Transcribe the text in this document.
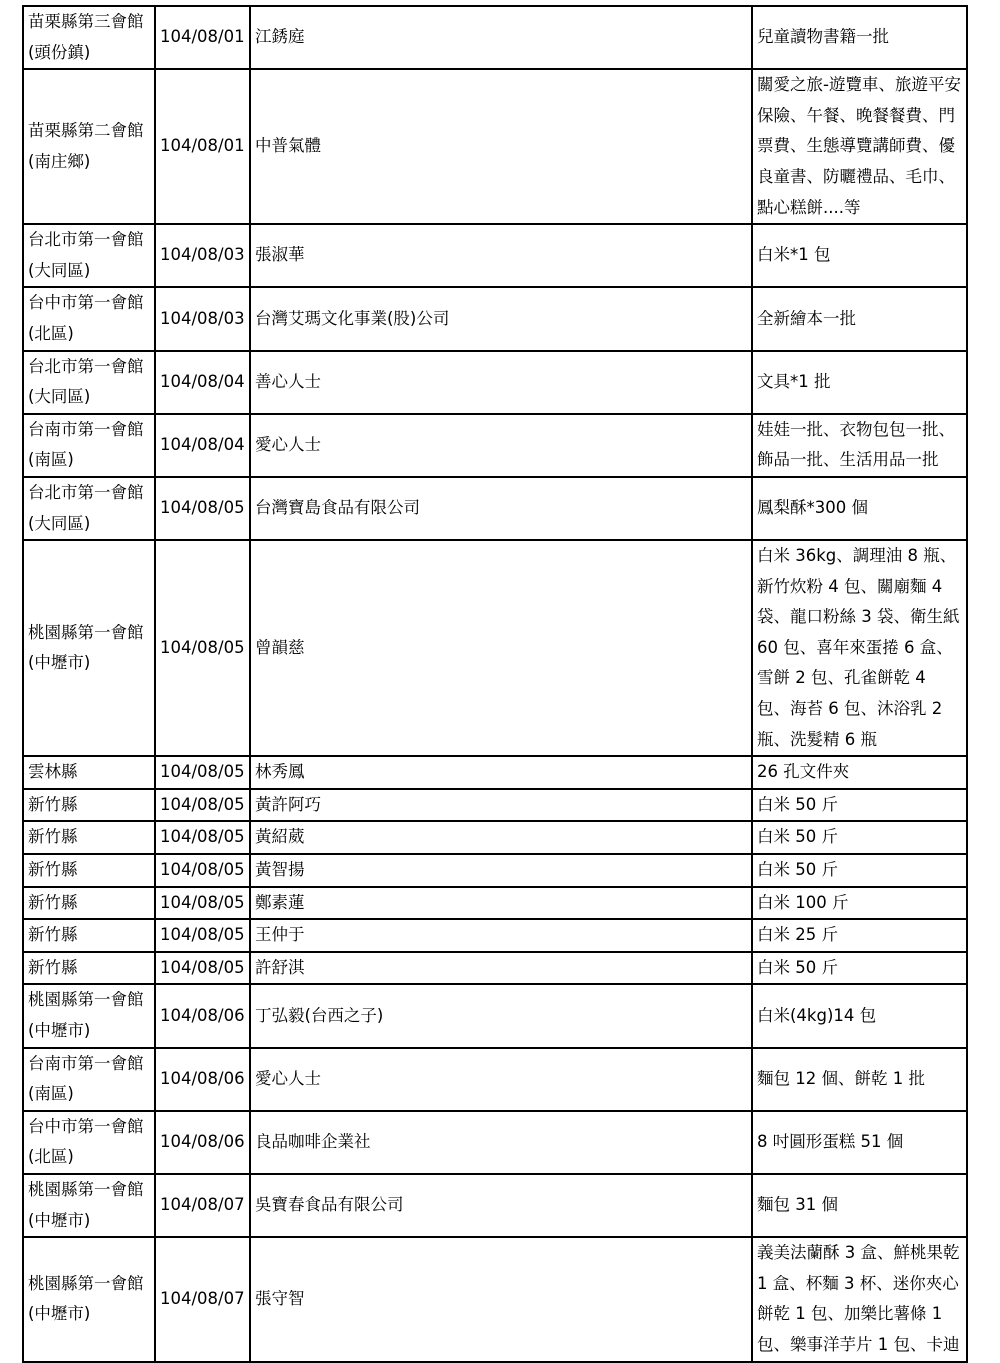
苗栗縣第三會館
(頭份鎮)	104/08/01	江銹庭	兒童讀物書籍一批
苗栗縣第二會館
(南庄鄉)	104/08/01	中普氣體	關愛之旅-遊覽車、旅遊平安保險、午餐、晚餐餐費、門票費、生態導覽講師費、優良童書、防曬禮品、毛巾、點心糕餅....等
台北市第一會館
(大同區)	104/08/03	張淑華	白米*1 包
台中市第一會館
(北區)	104/08/03	台灣艾瑪文化事業(股)公司	全新繪本一批
台北市第一會館
(大同區)	104/08/04	善心人士	文具*1 批
台南市第一會館
(南區)	104/08/04	愛心人士	娃娃一批、衣物包包一批、飾品一批、生活用品一批
台北市第一會館
(大同區)	104/08/05	台灣寶島食品有限公司	鳳梨酥*300 個
桃園縣第一會館
(中壢市)	104/08/05	曾韻慈	白米 36kg、調理油 8 瓶、新竹炊粉 4 包、關廟麵 4 袋、龍口粉絲 3 袋、衛生紙 60 包、喜年來蛋捲 6 盒、雪餅 2 包、孔雀餅乾 4 包、海苔 6 包、沐浴乳 2 瓶、洗髮精 6 瓶
雲林縣	104/08/05	林秀鳳	26 孔文件夾
新竹縣	104/08/05	黃許阿巧	白米 50 斤
新竹縣	104/08/05	黃紹葳	白米 50 斤
新竹縣	104/08/05	黃智揚	白米 50 斤
新竹縣	104/08/05	鄭素蓮	白米 100 斤
新竹縣	104/08/05	王仲于	白米 25 斤
新竹縣	104/08/05	許舒淇	白米 50 斤
桃園縣第一會館
(中壢市)	104/08/06	丁弘毅(台西之子)	白米(4kg)14 包
台南市第一會館
(南區)	104/08/06	愛心人士	麵包 12 個、餅乾 1 批
台中市第一會館
(北區)	104/08/06	良品咖啡企業社	8 吋圓形蛋糕 51 個
桃園縣第一會館
(中壢市)	104/08/07	吳寶春食品有限公司	麵包 31 個
桃園縣第一會館
(中壢市)	104/08/07	張守智	義美法蘭酥 3 盒、鮮桃果乾 1 盒、杯麵 3 杯、迷你夾心餅乾 1 包、加樂比薯條 1 包、樂事洋芋片 1 包、卡迪
